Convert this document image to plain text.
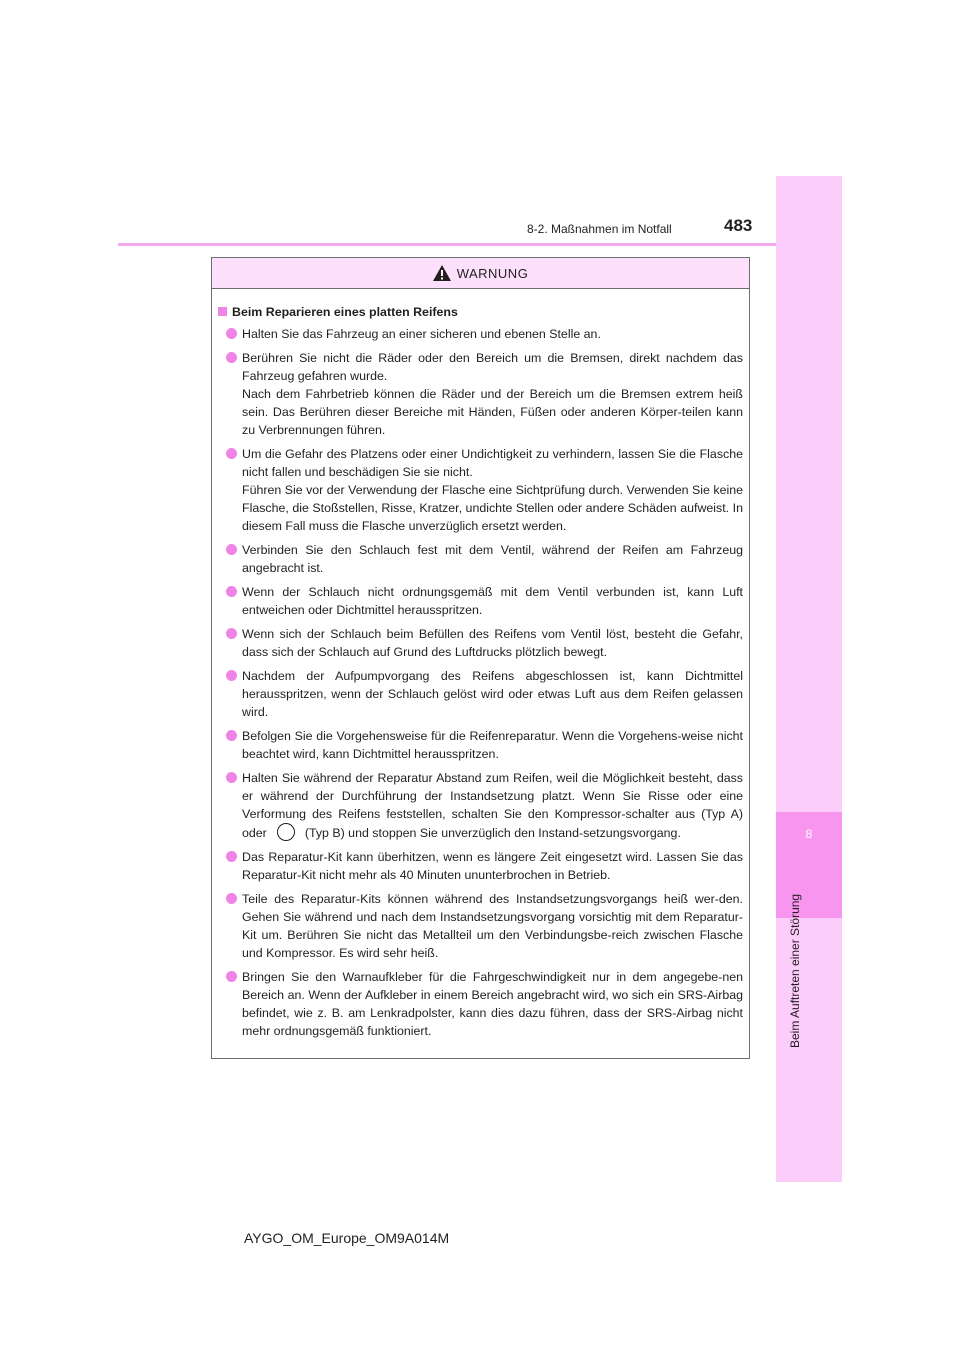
8-2. Maßnahmen im Notfall	483
8
Beim Auftreten einer Störung
WARNUNG
Beim Reparieren eines platten Reifens

Halten Sie das Fahrzeug an einer sicheren und ebenen Stelle an.

Berühren Sie nicht die Räder oder den Bereich um die Bremsen, direkt nachdem das Fahrzeug gefahren wurde.

Nach dem Fahrbetrieb können die Räder und der Bereich um die Bremsen extrem heiß sein. Das Berühren dieser Bereiche mit Händen, Füßen oder anderen Körper-teilen kann zu Verbrennungen führen.

Um die Gefahr des Platzens oder einer Undichtigkeit zu verhindern, lassen Sie die Flasche nicht fallen und beschädigen Sie sie nicht.

Führen Sie vor der Verwendung der Flasche eine Sichtprüfung durch. Verwenden Sie keine Flasche, die Stoßstellen, Risse, Kratzer, undichte Stellen oder andere Schäden aufweist. In diesem Fall muss die Flasche unverzüglich ersetzt werden.

Verbinden Sie den Schlauch fest mit dem Ventil, während der Reifen am Fahrzeug angebracht ist.

Wenn der Schlauch nicht ordnungsgemäß mit dem Ventil verbunden ist, kann Luft entweichen oder Dichtmittel herausspritzen.

Wenn sich der Schlauch beim Befüllen des Reifens vom Ventil löst, besteht die Gefahr, dass sich der Schlauch auf Grund des Luftdrucks plötzlich bewegt.

Nachdem der Aufpumpvorgang des Reifens abgeschlossen ist, kann Dichtmittel herausspritzen, wenn der Schlauch gelöst wird oder etwas Luft aus dem Reifen gelassen wird.

Befolgen Sie die Vorgehensweise für die Reifenreparatur. Wenn die Vorgehens-weise nicht beachtet wird, kann Dichtmittel herausspritzen.

Halten Sie während der Reparatur Abstand zum Reifen, weil die Möglichkeit besteht, dass er während der Durchführung der Instandsetzung platzt. Wenn Sie Risse oder eine Verformung des Reifens feststellen, schalten Sie den Kompressor-schalter aus (Typ A) oder	(Typ B) und stoppen Sie unverzüglich den Instand-setzungsvorgang.

Das Reparatur-Kit kann überhitzen, wenn es längere Zeit eingesetzt wird. Lassen Sie das Reparatur-Kit nicht mehr als 40 Minuten ununterbrochen in Betrieb.

Teile des Reparatur-Kits können während des Instandsetzungsvorgangs heiß wer-den. Gehen Sie während und nach dem Instandsetzungsvorgang vorsichtig mit dem Reparatur-Kit um. Berühren Sie nicht das Metallteil um den Verbindungsbe-reich zwischen Flasche und Kompressor. Es wird sehr heiß.

Bringen Sie den Warnaufkleber für die Fahrgeschwindigkeit nur in dem angegebe-nen Bereich an. Wenn der Aufkleber in einem Bereich angebracht wird, wo sich ein SRS-Airbag befindet, wie z. B. am Lenkradpolster, kann dies dazu führen, dass der SRS-Airbag nicht mehr ordnungsgemäß funktioniert.

AYGO_OM_Europe_OM9A014M
